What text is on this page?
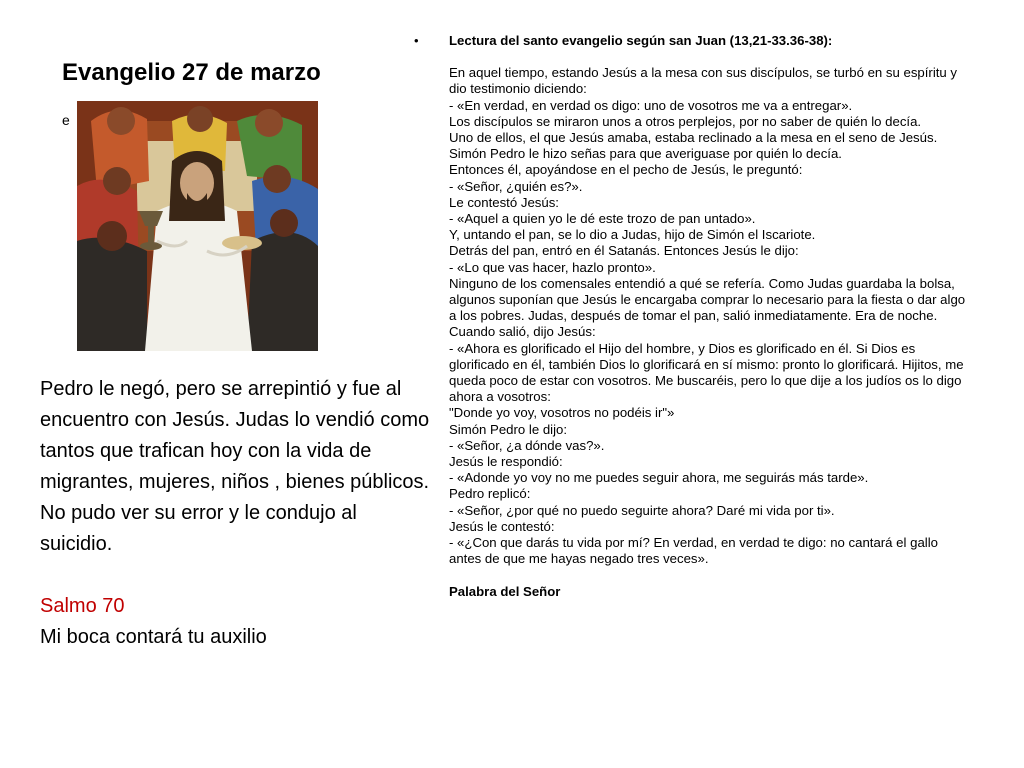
Evangelio 27 de marzo
e

Pedro le negó, pero se arrepintió y fue al encuentro con Jesús. Judas lo vendió como tantos que trafican hoy con la vida de migrantes, mujeres, niños , bienes públicos. No pudo ver su error y le condujo al suicidio.

Salmo 70
Mi boca contará tu auxilio
• Lectura del santo evangelio según san Juan (13,21-33.36-38):

En aquel tiempo, estando Jesús a la mesa con sus discípulos, se turbó en su espíritu y dio testimonio diciendo:
- «En verdad, en verdad os digo: uno de vosotros me va a entregar».
Los discípulos se miraron unos a otros perplejos, por no saber de quién lo decía.
Uno de ellos, el que Jesús amaba, estaba reclinado a la mesa en el seno de Jesús. Simón Pedro le hizo señas para que averiguase por quién lo decía.
Entonces él, apoyándose en el pecho de Jesús, le preguntó:
- «Señor, ¿quién es?».
Le contestó Jesús:
- «Aquel a quien yo le dé este trozo de pan untado».
Y, untando el pan, se lo dio a Judas, hijo de Simón el Iscariote.
Detrás del pan, entró en él Satanás. Entonces Jesús le dijo:
- «Lo que vas hacer, hazlo pronto».
Ninguno de los comensales entendió a qué se refería. Como Judas guardaba la bolsa, algunos suponían que Jesús le encargaba comprar lo necesario para la fiesta o dar algo a los pobres. Judas, después de tomar el pan, salió inmediatamente. Era de noche.
Cuando salió, dijo Jesús:
- «Ahora es glorificado el Hijo del hombre, y Dios es glorificado en él. Si Dios es glorificado en él, también Dios lo glorificará en sí mismo: pronto lo glorificará. Hijitos, me queda poco de estar con vosotros. Me buscaréis, pero lo que dije a los judíos os lo digo ahora a vosotros:
"Donde yo voy, vosotros no podéis ir"»
Simón Pedro le dijo:
- «Señor, ¿a dónde vas?».
Jesús le respondió:
- «Adonde yo voy no me puedes seguir ahora, me seguirás más tarde».
Pedro replicó:
- «Señor, ¿por qué no puedo seguirte ahora? Daré mi vida por ti».
Jesús le contestó:
- «¿Con que darás tu vida por mí? En verdad, en verdad te digo: no cantará el gallo antes de que me hayas negado tres veces».

Palabra del Señor
